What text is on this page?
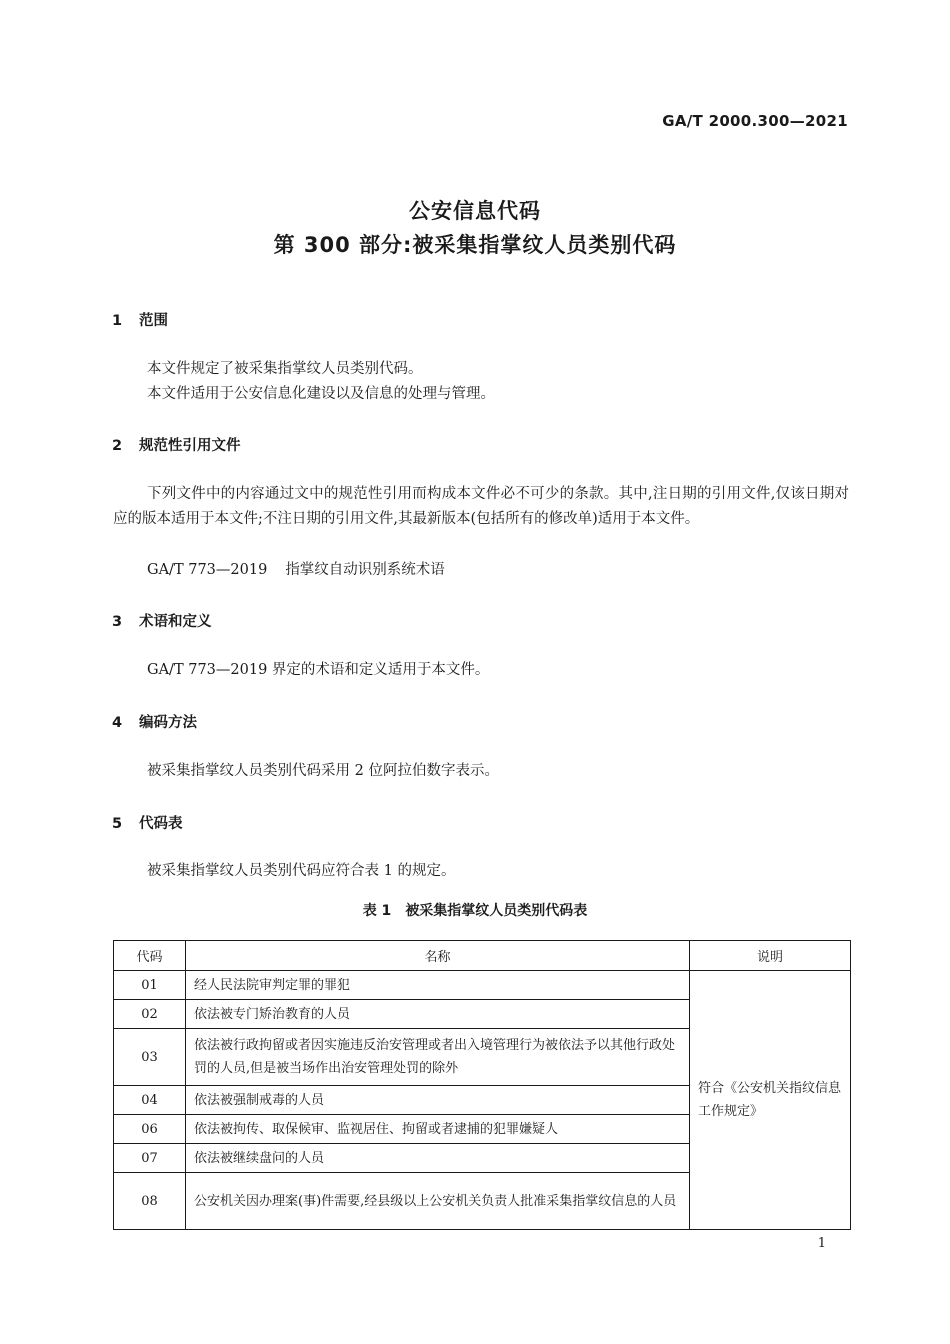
GA/T 2000.300—2021
公安信息代码
第 300 部分:被采集指掌纹人员类别代码
1 范围
本文件规定了被采集指掌纹人员类别代码。
本文件适用于公安信息化建设以及信息的处理与管理。
2 规范性引用文件
下列文件中的内容通过文中的规范性引用而构成本文件必不可少的条款。其中,注日期的引用文件,仅该日期对应的版本适用于本文件;不注日期的引用文件,其最新版本(包括所有的修改单)适用于本文件。
GA/T 773—2019 指掌纹自动识别系统术语
3 术语和定义
GA/T 773—2019 界定的术语和定义适用于本文件。
4 编码方法
被采集指掌纹人员类别代码采用 2 位阿拉伯数字表示。
5 代码表
被采集指掌纹人员类别代码应符合表 1 的规定。
表 1 被采集指掌纹人员类别代码表
代码	名称	说明
01	经人民法院审判定罪的罪犯	符合《公安机关指纹信息工作规定》
02	依法被专门矫治教育的人员	
03	依法被行政拘留或者因实施违反治安管理或者出入境管理行为被依法予以其他行政处罚的人员,但是被当场作出治安管理处罚的除外	
04	依法被强制戒毒的人员	
06	依法被拘传、取保候审、监视居住、拘留或者逮捕的犯罪嫌疑人	
07	依法被继续盘问的人员	
08	公安机关因办理案(事)件需要,经县级以上公安机关负责人批准采集指掌纹信息的人员	
1
